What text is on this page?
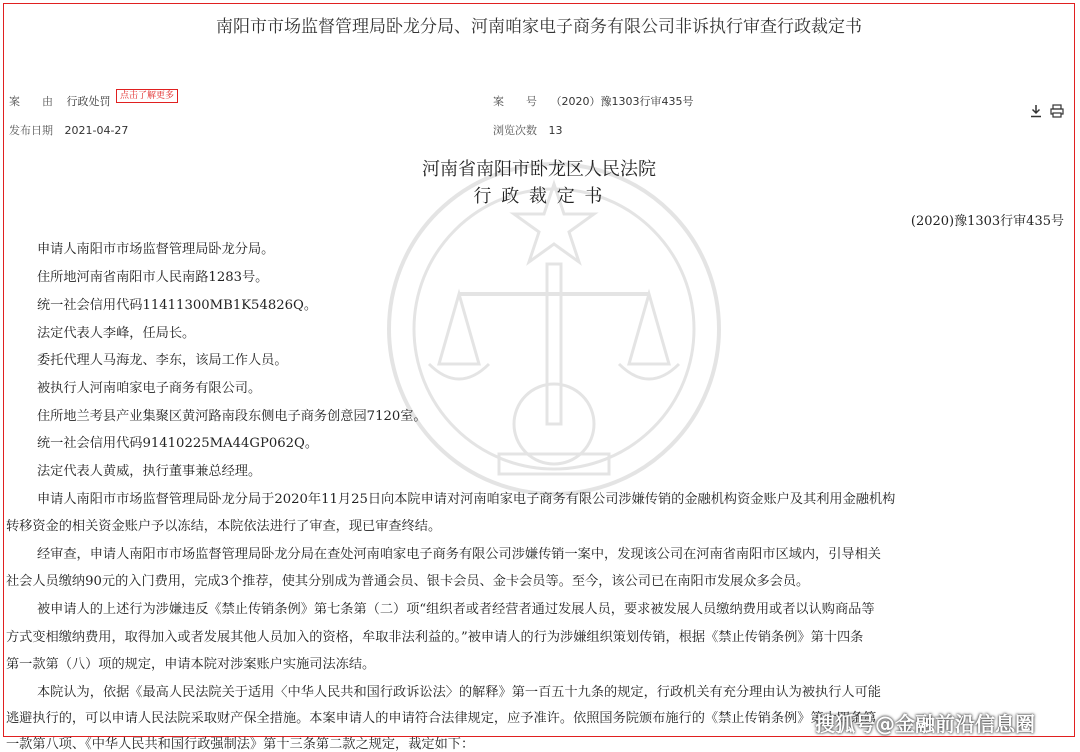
南阳市市场监督管理局卧龙分局、河南咱家电子商务有限公司非诉执行审查行政裁定书
案　　由 行政处罚 点击了解更多	案　　号 （2020）豫1303行审435号
发布日期 2021-04-27	浏览次数 13

河南省南阳市卧龙区人民法院
行 政 裁 定 书
(2020)豫1303行审435号
申请人南阳市市场监督管理局卧龙分局。
住所地河南省南阳市人民南路1283号。
统一社会信用代码11411300MB1K54826Q。
法定代表人李峰，任局长。
委托代理人马海龙、李东，该局工作人员。
被执行人河南咱家电子商务有限公司。
住所地兰考县产业集聚区黄河路南段东侧电子商务创意园7120室。
统一社会信用代码91410225MA44GP062Q。
法定代表人黄威，执行董事兼总经理。
申请人南阳市市场监督管理局卧龙分局于2020年11月25日向本院申请对河南咱家电子商务有限公司涉嫌传销的金融机构资金账户及其利用金融机构
转移资金的相关资金账户予以冻结，本院依法进行了审查，现已审查终结。
经审查，申请人南阳市市场监督管理局卧龙分局在查处河南咱家电子商务有限公司涉嫌传销一案中，发现该公司在河南省南阳市区域内，引导相关
社会人员缴纳90元的入门费用，完成3个推荐，使其分别成为普通会员、银卡会员、金卡会员等。至今，该公司已在南阳市发展众多会员。
被申请人的上述行为涉嫌违反《禁止传销条例》第七条第（二）项“组织者或者经营者通过发展人员，要求被发展人员缴纳费用或者以认购商品等
方式变相缴纳费用，取得加入或者发展其他人员加入的资格，牟取非法利益的。”被申请人的行为涉嫌组织策划传销，根据《禁止传销条例》第十四条
第一款第（八）项的规定，申请本院对涉案账户实施司法冻结。
本院认为，依据《最高人民法院关于适用〈中华人民共和国行政诉讼法〉的解释》第一百五十九条的规定，行政机关有充分理由认为被执行人可能
逃避执行的，可以申请人民法院采取财产保全措施。本案申请人的申请符合法律规定，应予准许。依照国务院颁布施行的《禁止传销条例》第十四条第
一款第八项、《中华人民共和国行政强制法》第十三条第二款之规定，裁定如下：
搜狐号@金融前沿信息圈
